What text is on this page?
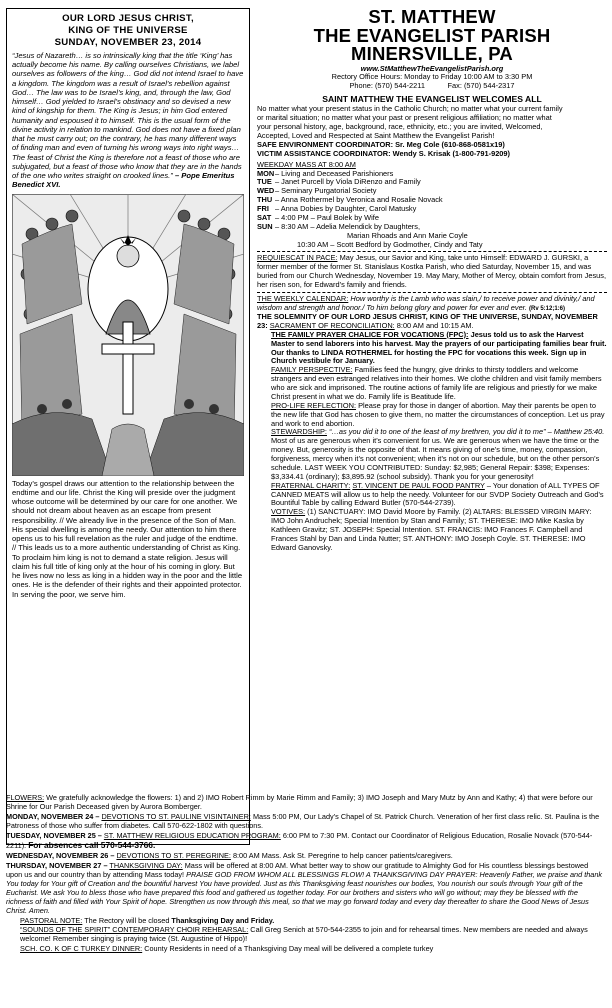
OUR LORD JESUS CHRIST,
KING OF THE UNIVERSE
SUNDAY, NOVEMBER 23, 2014
“Jesus of Nazareth… is so intrinsically king that the title ‘King’ has actually become his name. By calling ourselves Christians, we label ourselves as followers of the king… God did not intend Israel to have a kingdom. The kingdom was a result of Israel’s rebellion against God… The law was to be Israel’s king, and, through the law, God himself… God yielded to Israel’s obstinacy and so devised a new kind of kingship for them. The King is Jesus; in him God entered humanity and espoused it to himself. This is the usual form of the divine activity in relation to mankind. God does not have a fixed plan that he must carry out; on the contrary, he has many different ways of finding man and even of turning his wrong ways into right ways… The feast of Christ the King is therefore not a feast of those who are subjugated, but a feast of those who know that they are in the hands of the one who writes straight on crooked lines.” – Pope Emeritus Benedict XVI.
Today’s gospel draws our attention to the relationship between the endtime and our life. Christ the King will preside over the judgment whose outcome will be determined by our care for one another. We should not dream about heaven as an escape from present responsibility. // We already live in the presence of the Son of Man. His special dwelling is among the needy. Our attention to him there opens us to his full revelation as the ruler and judge of the endtime. // This leads us to a more authentic understanding of Christ as King. To proclaim him king is not to demand a state religion. Jesus will claim his full title of king only at the hour of his coming in glory. But he lives now no less as king in a hidden way in the poor and the little ones. He is the defender of their rights and their appointed protector. In serving the poor, we serve him.
ST. MATTHEW
THE EVANGELIST PARISH
MINERSVILLE, PA
www.StMatthewTheEvangelistParish.org
Rectory Office Hours: Monday to Friday 10:00 AM to 3:30 PM
Phone: (570) 544-2211	Fax: (570) 544-2317
SAINT MATTHEW THE EVANGELIST WELCOMES ALL

No matter what your present status in the Catholic Church; no matter what your current family

or marital situation; no matter what your past or present religious affiliation; no matter what

your personal history, age, background, race, ethnicity, etc.; you are invited, Welcomed,

Accepted, Loved and Respected at Saint Matthew the Evangelist Parish!

SAFE ENVIRONMENT COORDINATOR: Sr. Meg Cole (610-868-0581x19)

VICTIM ASSISTANCE COORDINATOR: Wendy S. Krisak (1-800-791-9209)

WEEKDAY MASS AT 8:00 AM

MON – Living and Deceased Parishioners
TUE – Janet Purcell by Viola DiRenzo and Family
WED – Seminary Purgatorial Society
THU – Anna Rothermel by Veronica and Rosalie Novack
FRI – Anna Dobies by Daughter, Carol Matusky
SAT – 4:00 PM – Paul Bolek by Wife
SUN – 8:30 AM – Adelia Melendick by Daughters,

Marian Rhoads and Ann Marie Coyle

10:30 AM – Scott Bedford by Godmother, Cindy and Taty

REQUIESCAT IN PACE: May Jesus, our Savior and King, take unto Himself: EDWARD J. GURSKI, a former member of the former St. Stanislaus Kostka Parish, who died Saturday, November 15, and was buried from our Church Wednesday, November 19. May Mary, Mother of Mercy, obtain comfort from Jesus, her risen son, for Edward’s family and friends.

THE WEEKLY CALENDAR: How worthy is the Lamb who was slain,/ to receive power and divinity,/ and wisdom and strength and honor./ To him belong glory and power for ever and ever. (Rv 5:12;1:6)

THE SOLEMNITY OF OUR LORD JESUS CHRIST, KING OF THE UNIVERSE, SUNDAY, NOVEMBER 23: SACRAMENT OF RECONCILIATION: 8:00 AM and 10:15 AM.

THE FAMILY PRAYER CHALICE FOR VOCATIONS (FPC): Jesus told us to ask the Harvest Master to send laborers into his harvest. May the prayers of our participating families bear fruit. Our thanks to LINDA ROTHERMEL for hosting the FPC for vocations this week. Sign up in Church vestibule for January.

FAMILY PERSPECTIVE: Families feed the hungry, give drinks to thirsty toddlers and welcome strangers and even estranged relatives into their homes. We clothe children and visit family members who are sick and imprisoned. The routine actions of family life are religious and priestly for we make Christ present in what we do. Family life is Beatitude life.

PRO-LIFE REFLECTION: Please pray for those in danger of abortion. May their parents be open to the new life that God has chosen to give them, no matter the circumstances of conception. Let us pray and work to end abortion.

STEWARDSHIP: “…as you did it to one of the least of my brethren, you did it to me” – Matthew 25:40. Most of us are generous when it’s convenient for us. We are generous when we have the time or the money. But, generosity is the opposite of that. It means giving of one’s time, money, compassion, forgiveness, mercy when it’s not convenient; when it’s not on our schedule, but on the other person’s schedule. LAST WEEK YOU CONTRIBUTED: Sunday: $2,985; General Repair: $398; Expenses: $3,334.41 (ordinary); $3,895.92 (school subsidy). Thank you for your generosity!

FRATERNAL CHARITY: ST. VINCENT DE PAUL FOOD PANTRY – Your donation of ALL TYPES OF CANNED MEATS will allow us to help the needy. Volunteer for our SVDP Society Outreach and God’s Bountiful Table by calling Edward Butler (570-544-2739).

VOTIVES: (1) SANCTUARY: IMO David Moore by Family. (2) ALTARS: BLESSED VIRGIN MARY: IMO John Andruchek; Special Intention by Stan and Family; ST. THERESE: IMO Mike Kaska by Kathleen Gravitz; ST. JOSEPH: Special Intention. ST. FRANCIS: IMO Frances F. Campbell and Frances Stahl by Dan and Linda Nutter; ST. ANTHONY: IMO Joseph Coyle. ST. THERESE: IMO Edward Ganovsky.

FLOWERS: We gratefully acknowledge the flowers: 1) and 2) IMO Robert Rimm by Marie Rimm and Family; 3) IMO Joseph and Mary Mutz by Ann and Kathy; 4) that were before our Shrine for Our Parish Deceased given by Aurora Bomberger.

MONDAY, NOVEMBER 24 – DEVOTIONS TO ST. PAULINE VISINTAINER: Mass 5:00 PM, Our Lady’s Chapel of St. Patrick Church. Veneration of her first class relic. St. Paulina is the Patroness of those who suffer from diabetes. Call 570-622-1802 with questions.

TUESDAY, NOVEMBER 25 – ST. MATTHEW RELIGIOUS EDUCATION PROGRAM: 6:00 PM to 7:30 PM. Contact our Coordinator of Religious Education, Rosalie Novack (570-544-2211). For absences call 570-544-3766.

WEDNESDAY, NOVEMBER 26 – DEVOTIONS TO ST. PEREGRINE: 8:00 AM Mass. Ask St. Peregrine to help cancer patients/caregivers.

THURSDAY, NOVEMBER 27 – THANKSGIVING DAY: Mass will be offered at 8:00 AM. What better way to show our gratitude to Almighty God for His countless blessings bestowed upon us and our country than by attending Mass today! PRAISE GOD FROM WHOM ALL BLESSINGS FLOW! A THANKSGIVING DAY PRAYER: Heavenly Father, we praise and thank You today for Your gift of Creation and the bountiful harvest You have provided. Just as this Thanksgiving feast nourishes our bodies, You nourish our souls through Your gift of the Eucharist. We ask You to bless those who have prepared this food and gathered us together today. For our brothers and sisters who will go without; may they be blessed with the richness of faith and filled with Your Spirit of hope. Strengthen us now through this meal, so that we may go forward today and every day thereafter to share the Good News of Jesus Christ. Amen.

PASTORAL NOTE: The Rectory will be closed Thanksgiving Day and Friday.

“SOUNDS OF THE SPIRIT” CONTEMPORARY CHOIR REHEARSAL: Call Greg Senich at 570-544-2355 to join and for rehearsal times. New members are needed and always welcome! Remember singing is praying twice (St. Augustine of Hippo)!

SCH. CO. K OF C TURKEY DINNER: County Residents in need of a Thanksgiving Day meal will be delivered a complete turkey
